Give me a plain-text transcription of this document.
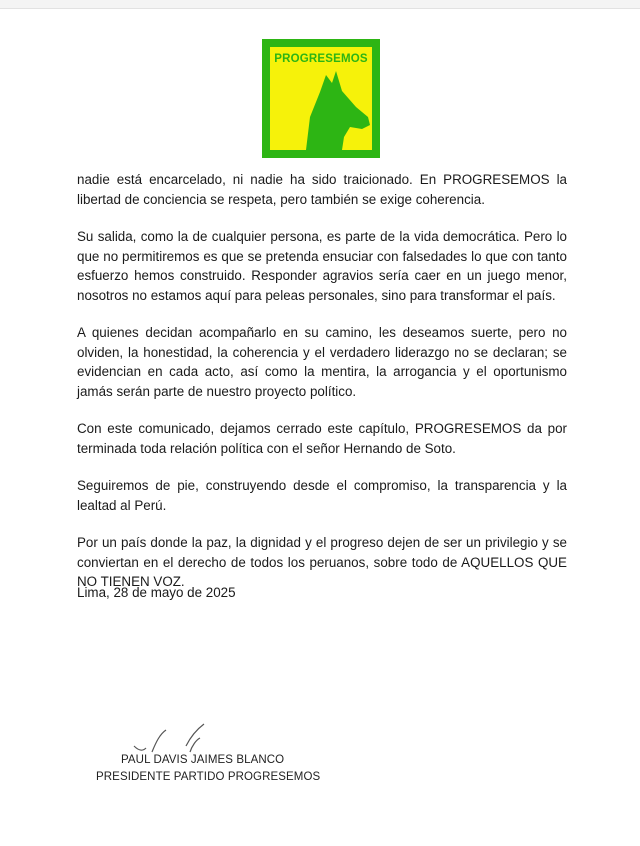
PROGRESEMOS

nadie está encarcelado, ni nadie ha sido traicionado. En PROGRESEMOS la libertad de conciencia se respeta, pero también se exige coherencia.

Su salida, como la de cualquier persona, es parte de la vida democrática. Pero lo que no permitiremos es que se pretenda ensuciar con falsedades lo que con tanto esfuerzo hemos construido. Responder agravios sería caer en un juego menor, nosotros no estamos aquí para peleas personales, sino para transformar el país.

A quienes decidan acompañarlo en su camino, les deseamos suerte, pero no olviden, la honestidad, la coherencia y el verdadero liderazgo no se declaran; se evidencian en cada acto, así como la mentira, la arrogancia y el oportunismo jamás serán parte de nuestro proyecto político.

Con este comunicado, dejamos cerrado este capítulo, PROGRESEMOS da por terminada toda relación política con el señor Hernando de Soto.

Seguiremos de pie, construyendo desde el compromiso, la transparencia y la lealtad al Perú.

Por un país donde la paz, la dignidad y el progreso dejen de ser un privilegio y se conviertan en el derecho de todos los peruanos, sobre todo de AQUELLOS QUE NO TIENEN VOZ.

Lima, 28 de mayo de 2025
PAUL DAVIS JAIMES BLANCO
PRESIDENTE PARTIDO PROGRESEMOS
